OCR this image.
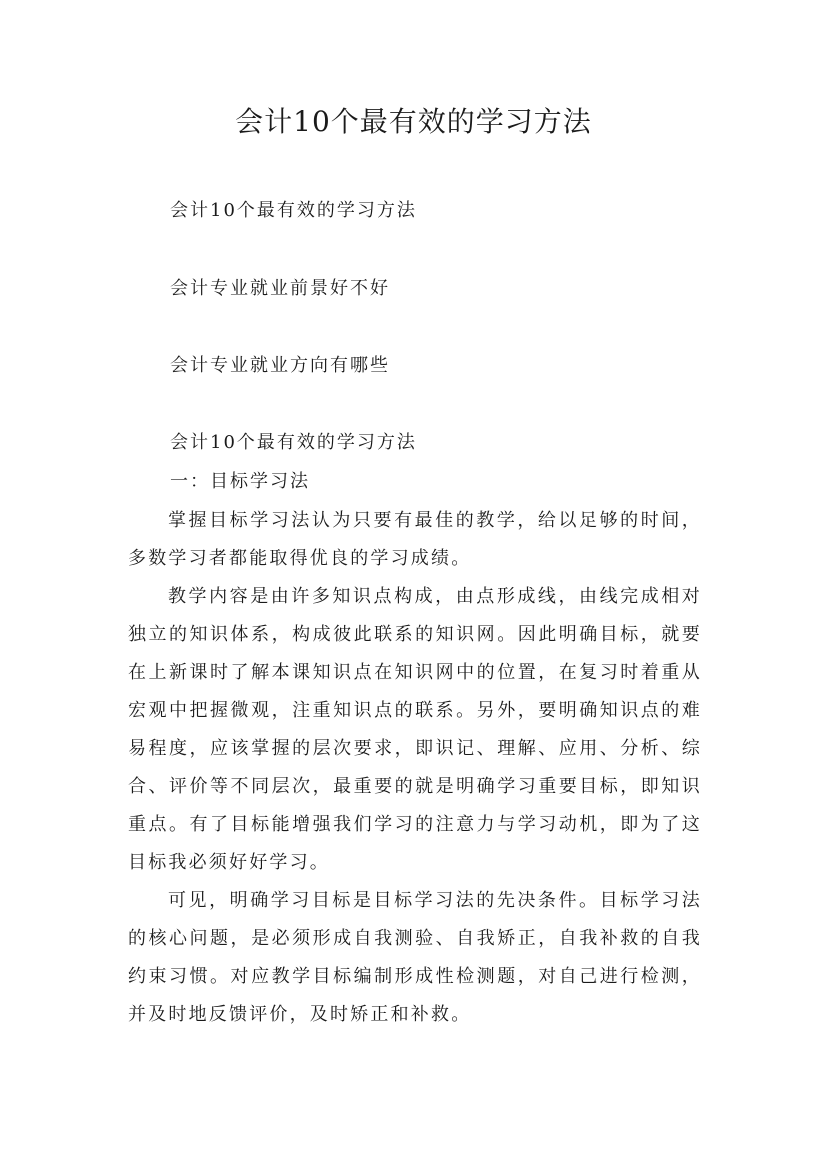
会计10个最有效的学习方法

会计10个最有效的学习方法

会计专业就业前景好不好

会计专业就业方向有哪些

会计10个最有效的学习方法

一：目标学习法

掌握目标学习法认为只要有最佳的教学，给以足够的时间，多数学习者都能取得优良的学习成绩。

教学内容是由许多知识点构成，由点形成线，由线完成相对独立的知识体系，构成彼此联系的知识网。因此明确目标，就要在上新课时了解本课知识点在知识网中的位置，在复习时着重从宏观中把握微观，注重知识点的联系。另外，要明确知识点的难易程度，应该掌握的层次要求，即识记、理解、应用、分析、综合、评价等不同层次，最重要的就是明确学习重要目标，即知识重点。有了目标能增强我们学习的注意力与学习动机，即为了这目标我必须好好学习。

可见，明确学习目标是目标学习法的先决条件。目标学习法的核心问题，是必须形成自我测验、自我矫正，自我补救的自我约束习惯。对应教学目标编制形成性检测题，对自己进行检测，并及时地反馈评价，及时矫正和补救。
